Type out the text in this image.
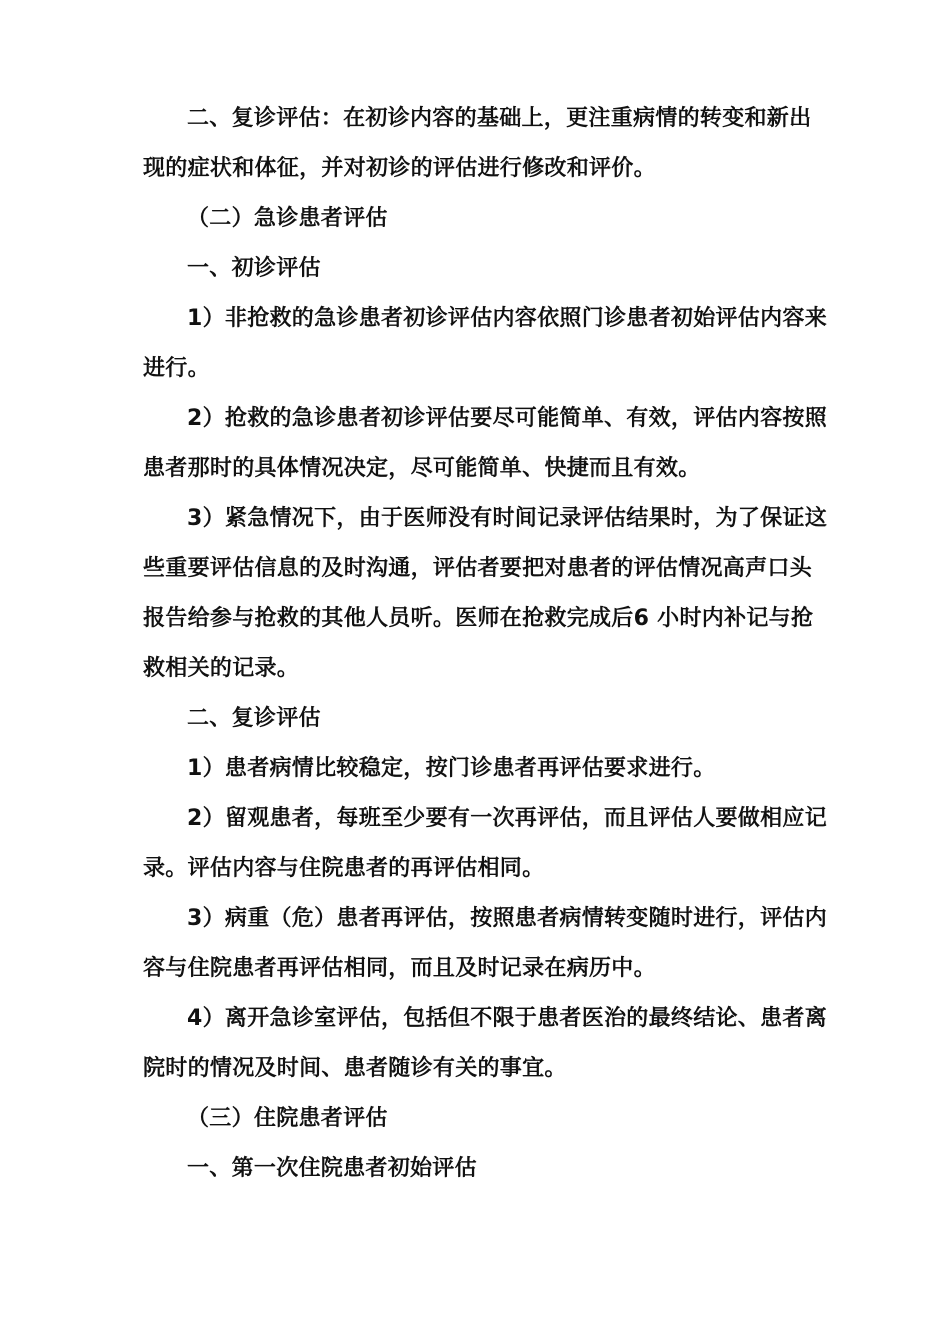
二、复诊评估：在初诊内容的基础上，更注重病情的转变和新出
现的症状和体征，并对初诊的评估进行修改和评价。
（二）急诊患者评估
一、初诊评估
1）非抢救的急诊患者初诊评估内容依照门诊患者初始评估内容来
进行。
2）抢救的急诊患者初诊评估要尽可能简单、有效，评估内容按照
患者那时的具体情况决定，尽可能简单、快捷而且有效。
3）紧急情况下，由于医师没有时间记录评估结果时，为了保证这
些重要评估信息的及时沟通，评估者要把对患者的评估情况高声口头
报告给参与抢救的其他人员听。医师在抢救完成后6 小时内补记与抢
救相关的记录。
二、复诊评估
1）患者病情比较稳定，按门诊患者再评估要求进行。
2）留观患者，每班至少要有一次再评估，而且评估人要做相应记
录。评估内容与住院患者的再评估相同。
3）病重（危）患者再评估，按照患者病情转变随时进行，评估内
容与住院患者再评估相同，而且及时记录在病历中。
4）离开急诊室评估，包括但不限于患者医治的最终结论、患者离
院时的情况及时间、患者随诊有关的事宜。
（三）住院患者评估
一、第一次住院患者初始评估
